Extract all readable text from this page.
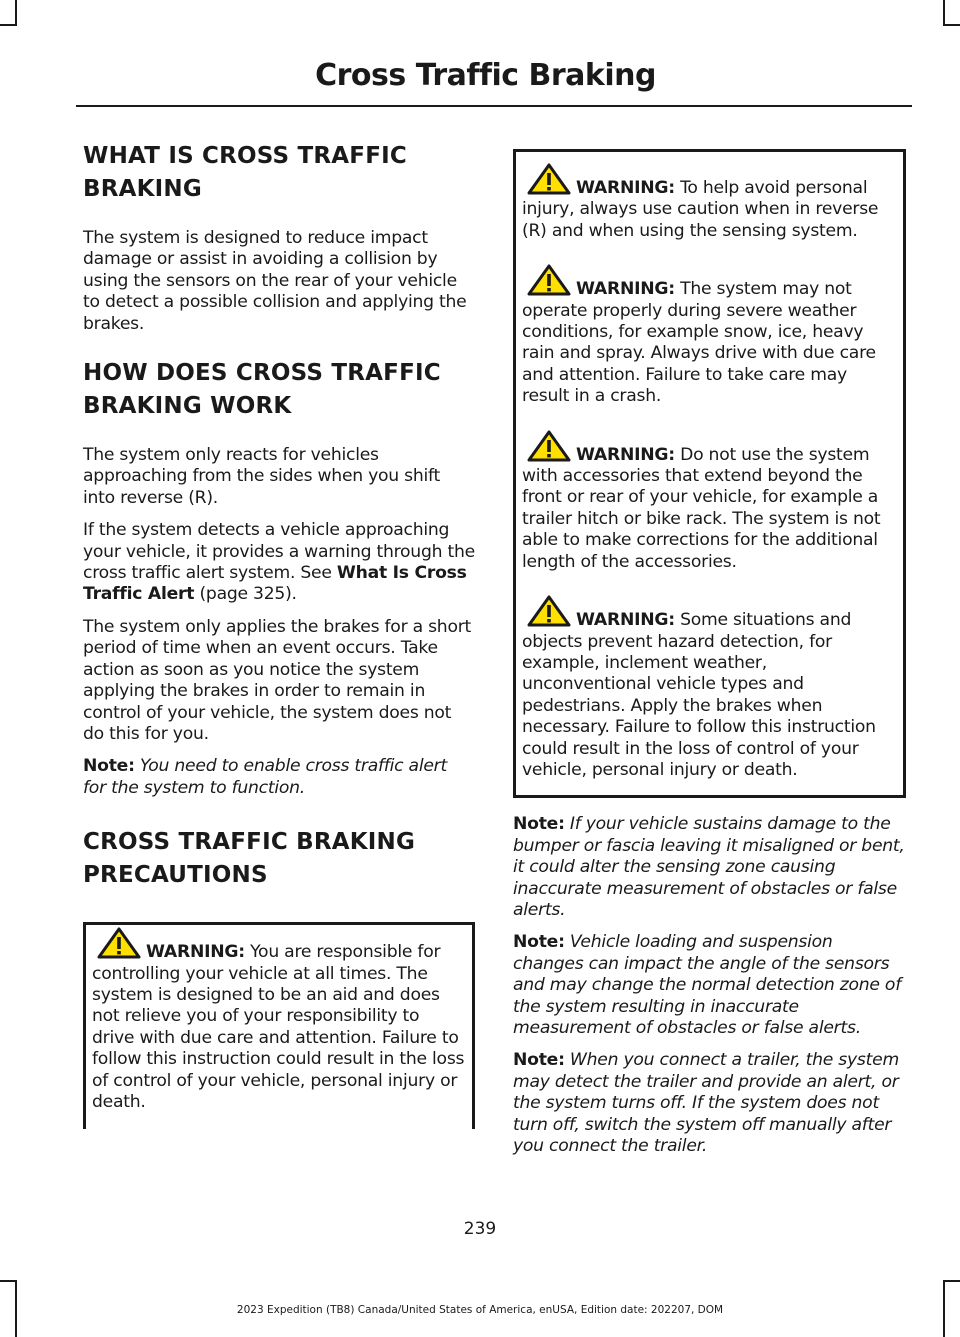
Cross Traffic Braking
WHAT IS CROSS TRAFFIC
BRAKING

The system is designed to reduce impact damage or assist in avoiding a collision by using the sensors on the rear of your vehicle to detect a possible collision and applying the brakes.

HOW DOES CROSS TRAFFIC
BRAKING WORK

The system only reacts for vehicles approaching from the sides when you shift into reverse (R).

If the system detects a vehicle approaching your vehicle, it provides a warning through the cross traffic alert system. See What Is Cross Traffic Alert (page 325).

The system only applies the brakes for a short period of time when an event occurs. Take action as soon as you notice the system applying the brakes in order to remain in control of your vehicle, the system does not do this for you.

Note: You need to enable cross traffic alert for the system to function.

CROSS TRAFFIC BRAKING
PRECAUTIONS

WARNING: You are responsible for controlling your vehicle at all times. The system is designed to be an aid and does not relieve you of your responsibility to drive with due care and attention. Failure to follow this instruction could result in the loss of control of your vehicle, personal injury or death.

WARNING: To help avoid personal injury, always use caution when in reverse (R) and when using the sensing system.

WARNING: The system may not operate properly during severe weather conditions, for example snow, ice, heavy rain and spray. Always drive with due care and attention. Failure to take care may result in a crash.

WARNING: Do not use the system with accessories that extend beyond the front or rear of your vehicle, for example a trailer hitch or bike rack. The system is not able to make corrections for the additional length of the accessories.

WARNING: Some situations and objects prevent hazard detection, for example, inclement weather, unconventional vehicle types and pedestrians. Apply the brakes when necessary. Failure to follow this instruction could result in the loss of control of your vehicle, personal injury or death.

Note: If your vehicle sustains damage to the bumper or fascia leaving it misaligned or bent, it could alter the sensing zone causing inaccurate measurement of obstacles or false alerts.

Note: Vehicle loading and suspension changes can impact the angle of the sensors and may change the normal detection zone of the system resulting in inaccurate measurement of obstacles or false alerts.

Note: When you connect a trailer, the system may detect the trailer and provide an alert, or the system turns off. If the system does not turn off, switch the system off manually after you connect the trailer.

239
2023 Expedition (TB8) Canada/United States of America, enUSA, Edition date: 202207, DOM
